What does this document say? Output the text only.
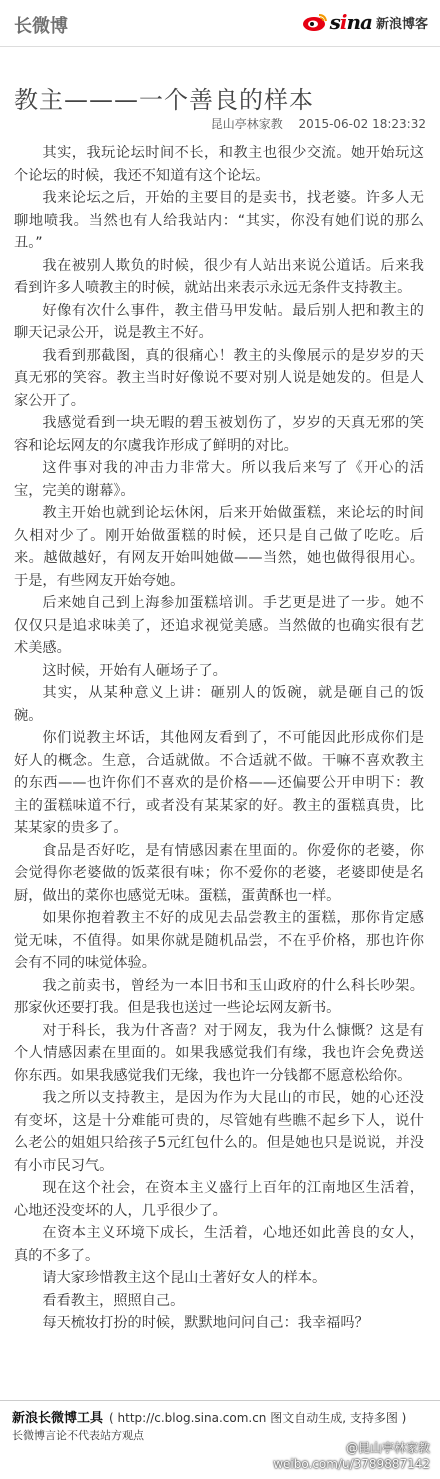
长微博	sina 新浪博客
教主———一个善良的样本
昆山亭林家教 2015-06-02 18:23:32

其实，我玩论坛时间不长，和教主也很少交流。她开始玩这个论坛的时候，我还不知道有这个论坛。

我来论坛之后，开始的主要目的是卖书，找老婆。许多人无聊地喷我。当然也有人给我站内：“其实，你没有她们说的那么丑。”

我在被别人欺负的时候，很少有人站出来说公道话。后来我看到许多人喷教主的时候，就站出来表示永远无条件支持教主。

好像有次什么事件，教主借马甲发帖。最后别人把和教主的聊天记录公开，说是教主不好。

我看到那截图，真的很痛心！教主的头像展示的是岁岁的天真无邪的笑容。教主当时好像说不要对别人说是她发的。但是人家公开了。

我感觉看到一块无暇的碧玉被划伤了，岁岁的天真无邪的笑容和论坛网友的尔虞我诈形成了鲜明的对比。

这件事对我的冲击力非常大。所以我后来写了《开心的活宝，完美的谢幕》。

教主开始也就到论坛休闲，后来开始做蛋糕，来论坛的时间久相对少了。刚开始做蛋糕的时候，还只是自己做了吃吃。后来。越做越好，有网友开始叫她做——当然，她也做得很用心。于是，有些网友开始夸她。

后来她自己到上海参加蛋糕培训。手艺更是进了一步。她不仅仅只是追求味美了，还追求视觉美感。当然做的也确实很有艺术美感。

这时候，开始有人砸场子了。

其实，从某种意义上讲：砸别人的饭碗，就是砸自己的饭碗。

你们说教主坏话，其他网友看到了，不可能因此形成你们是好人的概念。生意，合适就做。不合适就不做。干嘛不喜欢教主的东西——也许你们不喜欢的是价格——还偏要公开申明下：教主的蛋糕味道不行，或者没有某某家的好。教主的蛋糕真贵，比某某家的贵多了。

食品是否好吃，是有情感因素在里面的。你爱你的老婆，你会觉得你老婆做的饭菜很有味；你不爱你的老婆，老婆即使是名厨，做出的菜你也感觉无味。蛋糕，蛋黄酥也一样。

如果你抱着教主不好的成见去品尝教主的蛋糕，那你肯定感觉无味，不值得。如果你就是随机品尝，不在乎价格，那也许你会有不同的味觉体验。

我之前卖书，曾经为一本旧书和玉山政府的什么科长吵架。那家伙还要打我。但是我也送过一些论坛网友新书。

对于科长，我为什吝啬？对于网友，我为什么慷慨？这是有个人情感因素在里面的。如果我感觉我们有缘，我也许会免费送你东西。如果我感觉我们无缘，我也许一分钱都不愿意松给你。

我之所以支持教主，是因为作为大昆山的市民，她的心还没有变坏，这是十分难能可贵的，尽管她有些瞧不起乡下人，说什么老公的姐姐只给孩子5元红包什么的。但是她也只是说说，并没有小市民习气。

现在这个社会，在资本主义盛行上百年的江南地区生活着，心地还没变坏的人，几乎很少了。

在资本主义环境下成长，生活着，心地还如此善良的女人，真的不多了。

请大家珍惜教主这个昆山土著好女人的样本。

看看教主，照照自己。

每天梳妆打扮的时候，默默地问问自己：我幸福吗？

新浪长微博工具 ( http://c.blog.sina.com.cn 图文自动生成, 支持多图 )
长微博言论不代表站方观点
@昆山亭林家教
weibo.com/u/3789887142
